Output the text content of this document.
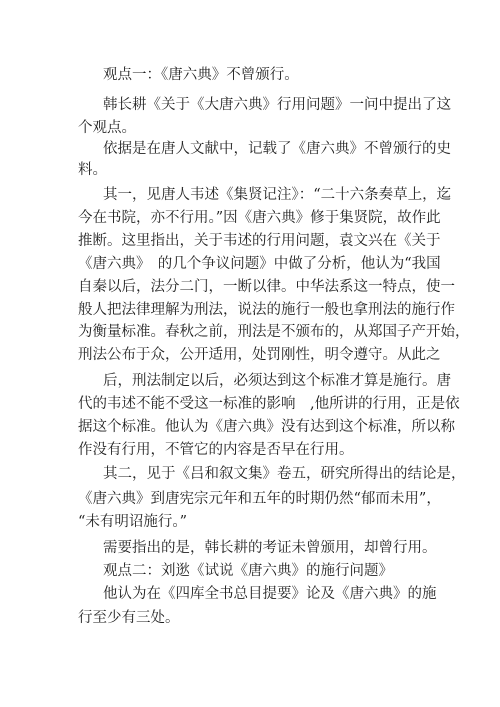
观点一：《唐六典》不曾颁行。
韩长耕《关于《大唐六典》行用问题》一问中提出了这
个观点。
依据是在唐人文献中，记载了《唐六典》不曾颁行的史
料。
其一，见唐人韦述《集贤记注》：“二十六条奏草上，迄
今在书院，亦不行用。”因《唐六典》修于集贤院，故作此
推断。这里指出，关于韦述的行用问题，袁文兴在《关于
《唐六典》　的几个争议问题》中做了分析，他认为“我国
自秦以后，法分二门，一断以律。中华法系这一特点，使一
般人把法律理解为刑法，说法的施行一般也拿刑法的施行作
为衡量标准。春秋之前，刑法是不颁布的，从郑国子产开始，
刑法公布于众，公开适用，处罚刚性，明令遵守。从此之
后，刑法制定以后，必须达到这个标准才算是施行。唐
代的韦述不能不受这一标准的影响　,他所讲的行用，正是依
据这个标准。他认为《唐六典》没有达到这个标准，所以称
作没有行用，不管它的内容是否早在行用。
其二，见于《吕和叙文集》卷五，研究所得出的结论是，
《唐六典》到唐宪宗元年和五年的时期仍然“郁而未用”，
“未有明诏施行。”
需要指出的是，韩长耕的考证未曾颁用，却曾行用。
观点二：刘逖《试说《唐六典》的施行问题》
他认为在《四库全书总目提要》论及《唐六典》的施
行至少有三处。
